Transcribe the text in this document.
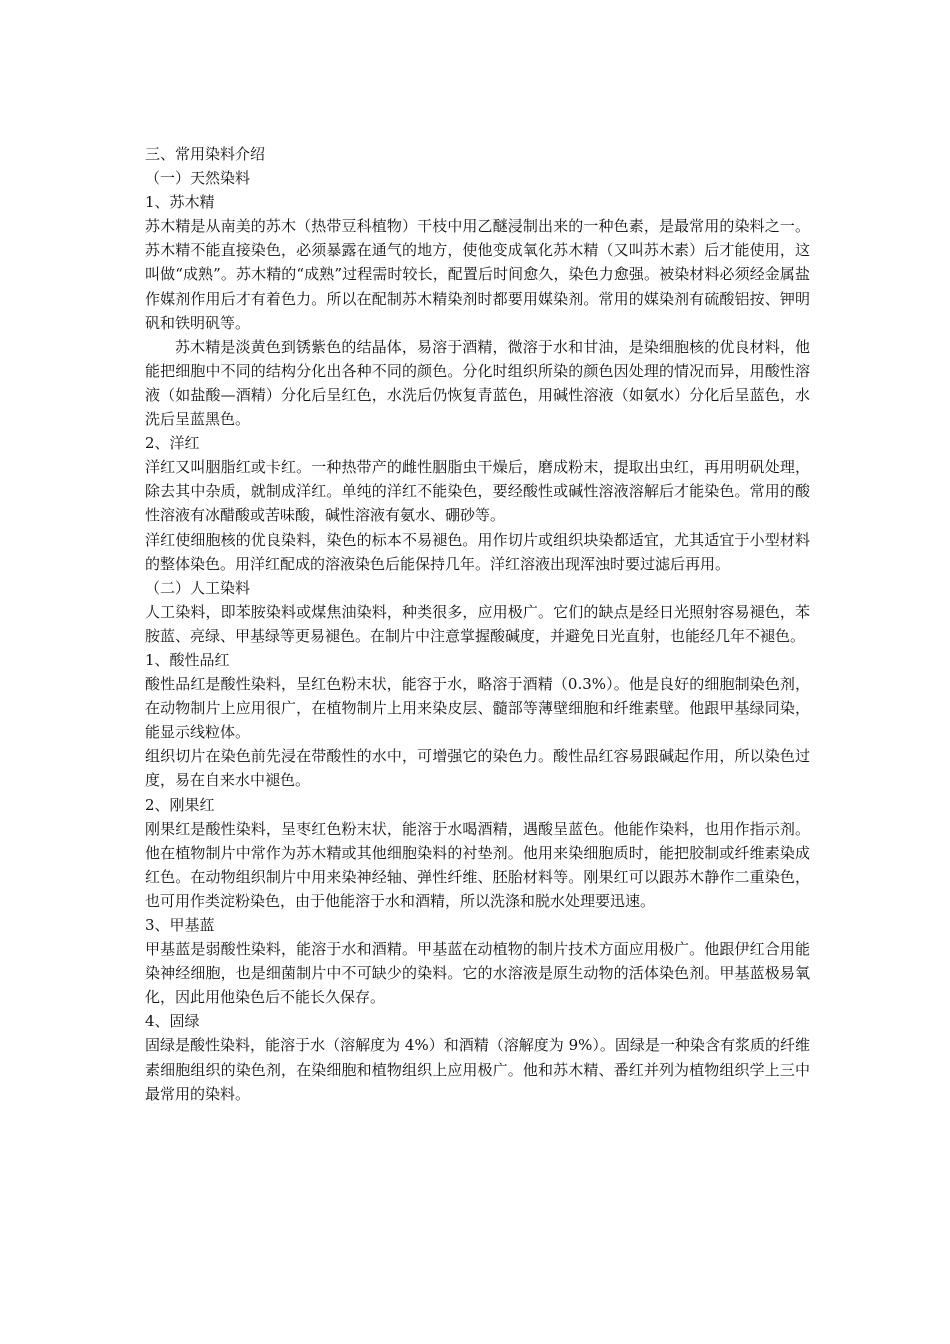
三、常用染料介绍

（一）天然染料

1、苏木精

苏木精是从南美的苏木（热带豆科植物）干枝中用乙醚浸制出来的一种色素，是最常用的染料之一。苏木精不能直接染色，必须暴露在通气的地方，使他变成氧化苏木精（又叫苏木素）后才能使用，这叫做“成熟”。苏木精的“成熟”过程需时较长，配置后时间愈久，染色力愈强。被染材料必须经金属盐作媒剂作用后才有着色力。所以在配制苏木精染剂时都要用媒染剂。常用的媒染剂有硫酸铝按、钾明矾和铁明矾等。

苏木精是淡黄色到锈紫色的结晶体，易溶于酒精，微溶于水和甘油，是染细胞核的优良材料，他能把细胞中不同的结构分化出各种不同的颜色。分化时组织所染的颜色因处理的情况而异，用酸性溶液（如盐酸—酒精）分化后呈红色，水洗后仍恢复青蓝色，用碱性溶液（如氨水）分化后呈蓝色，水洗后呈蓝黑色。

2、洋红

洋红又叫胭脂红或卡红。一种热带产的雌性胭脂虫干燥后，磨成粉末，提取出虫红，再用明矾处理，除去其中杂质，就制成洋红。单纯的洋红不能染色，要经酸性或碱性溶液溶解后才能染色。常用的酸性溶液有冰醋酸或苦味酸，碱性溶液有氨水、硼砂等。

洋红使细胞核的优良染料，染色的标本不易褪色。用作切片或组织块染都适宜，尤其适宜于小型材料的整体染色。用洋红配成的溶液染色后能保持几年。洋红溶液出现浑浊时要过滤后再用。

（二）人工染料

人工染料，即苯胺染料或煤焦油染料，种类很多，应用极广。它们的缺点是经日光照射容易褪色，苯胺蓝、亮绿、甲基绿等更易褪色。在制片中注意掌握酸碱度，并避免日光直射，也能经几年不褪色。

1、酸性品红

酸性品红是酸性染料，呈红色粉末状，能容于水，略溶于酒精（0.3%）。他是良好的细胞制染色剂，在动物制片上应用很广，在植物制片上用来染皮层、髓部等薄壁细胞和纤维素壁。他跟甲基绿同染，能显示线粒体。

组织切片在染色前先浸在带酸性的水中，可增强它的染色力。酸性品红容易跟碱起作用，所以染色过度，易在自来水中褪色。

2、刚果红

刚果红是酸性染料，呈枣红色粉末状，能溶于水喝酒精，遇酸呈蓝色。他能作染料，也用作指示剂。他在植物制片中常作为苏木精或其他细胞染料的衬垫剂。他用来染细胞质时，能把胶制或纤维素染成红色。在动物组织制片中用来染神经轴、弹性纤维、胚胎材料等。刚果红可以跟苏木静作二重染色，也可用作类淀粉染色，由于他能溶于水和酒精，所以洗涤和脱水处理要迅速。

3、甲基蓝

甲基蓝是弱酸性染料，能溶于水和酒精。甲基蓝在动植物的制片技术方面应用极广。他跟伊红合用能染神经细胞，也是细菌制片中不可缺少的染料。它的水溶液是原生动物的活体染色剂。甲基蓝极易氧化，因此用他染色后不能长久保存。

4、固绿

固绿是酸性染料，能溶于水（溶解度为 4%）和酒精（溶解度为 9%）。固绿是一种染含有浆质的纤维素细胞组织的染色剂，在染细胞和植物组织上应用极广。他和苏木精、番红并列为植物组织学上三中最常用的染料。
